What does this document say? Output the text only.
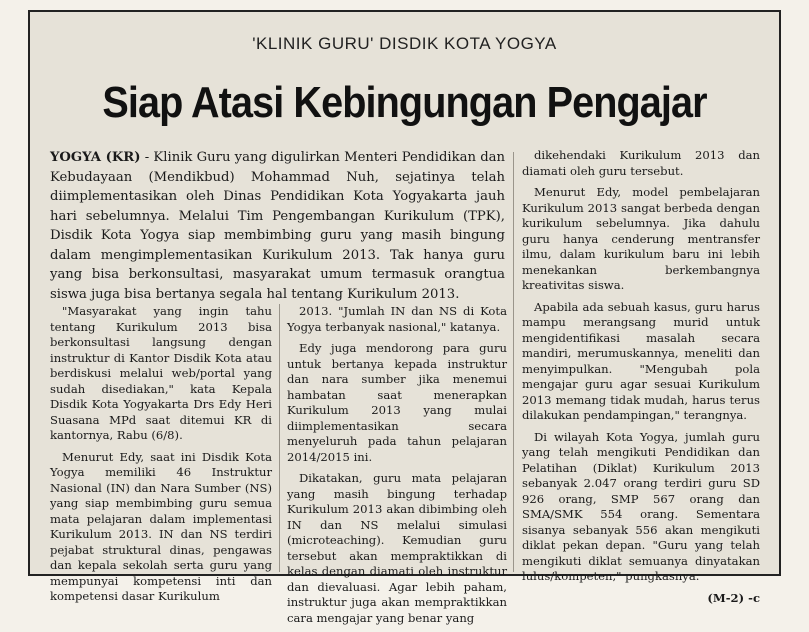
'KLINIK GURU' DISDIK KOTA YOGYA
Siap Atasi Kebingungan Pengajar
YOGYA (KR) - Klinik Guru yang digulirkan Menteri Pendidikan dan Kebudayaan (Mendikbud) Mohammad Nuh, sejatinya telah diimplementasikan oleh Dinas Pendidikan Kota Yogyakarta jauh hari sebelumnya. Melalui Tim Pengembangan Kurikulum (TPK), Disdik Kota Yogya siap membimbing guru yang masih bingung dalam mengimplementasikan Kurikulum 2013. Tak hanya guru yang bisa berkonsultasi, masyarakat umum termasuk orangtua siswa juga bisa bertanya segala hal tentang Kurikulum 2013.

"Masyarakat yang ingin tahu tentang Kurikulum 2013 bisa berkonsultasi langsung dengan instruktur di Kantor Disdik Kota atau berdiskusi melalui web/portal yang sudah disediakan," kata Kepala Disdik Kota Yogyakarta Drs Edy Heri Suasana MPd saat ditemui KR di kantornya, Rabu (6/8).

Menurut Edy, saat ini Disdik Kota Yogya memiliki 46 Instruktur Nasional (IN) dan Nara Sumber (NS) yang siap membimbing guru semua mata pelajaran dalam implementasi Kurikulum 2013. IN dan NS terdiri pejabat struktural dinas, pengawas dan kepala sekolah serta guru yang mempunyai kompetensi inti dan kompetensi dasar Kurikulum

2013. "Jumlah IN dan NS di Kota Yogya terbanyak nasional," katanya.

Edy juga mendorong para guru untuk bertanya kepada instruktur dan nara sumber jika menemui hambatan saat menerapkan Kurikulum 2013 yang mulai diimplementasikan secara menyeluruh pada tahun pelajaran 2014/2015 ini.

Dikatakan, guru mata pelajaran yang masih bingung terhadap Kurikulum 2013 akan dibimbing oleh IN dan NS melalui simulasi (microteaching). Kemudian guru tersebut akan mempraktikkan di kelas dengan diamati oleh instruktur dan dievaluasi. Agar lebih paham, instruktur juga akan mempraktikkan cara mengajar yang benar yang

dikehendaki Kurikulum 2013 dan diamati oleh guru tersebut.

Menurut Edy, model pembelajaran Kurikulum 2013 sangat berbeda dengan kurikulum sebelumnya. Jika dahulu guru hanya cenderung mentransfer ilmu, dalam kurikulum baru ini lebih menekankan berkembangnya kreativitas siswa.

Apabila ada sebuah kasus, guru harus mampu merangsang murid untuk mengidentifikasi masalah secara mandiri, merumuskannya, meneliti dan menyimpulkan. "Mengubah pola mengajar guru agar sesuai Kurikulum 2013 memang tidak mudah, harus terus dilakukan pendampingan," terangnya.

Di wilayah Kota Yogya, jumlah guru yang telah mengikuti Pendidikan dan Pelatihan (Diklat) Kurikulum 2013 sebanyak 2.047 orang terdiri guru SD 926 orang, SMP 567 orang dan SMA/SMK 554 orang. Sementara sisanya sebanyak 556 akan mengikuti diklat pekan depan. "Guru yang telah mengikuti diklat semuanya dinyatakan lulus/kompeten," pungkasnya.

(M-2) -c
